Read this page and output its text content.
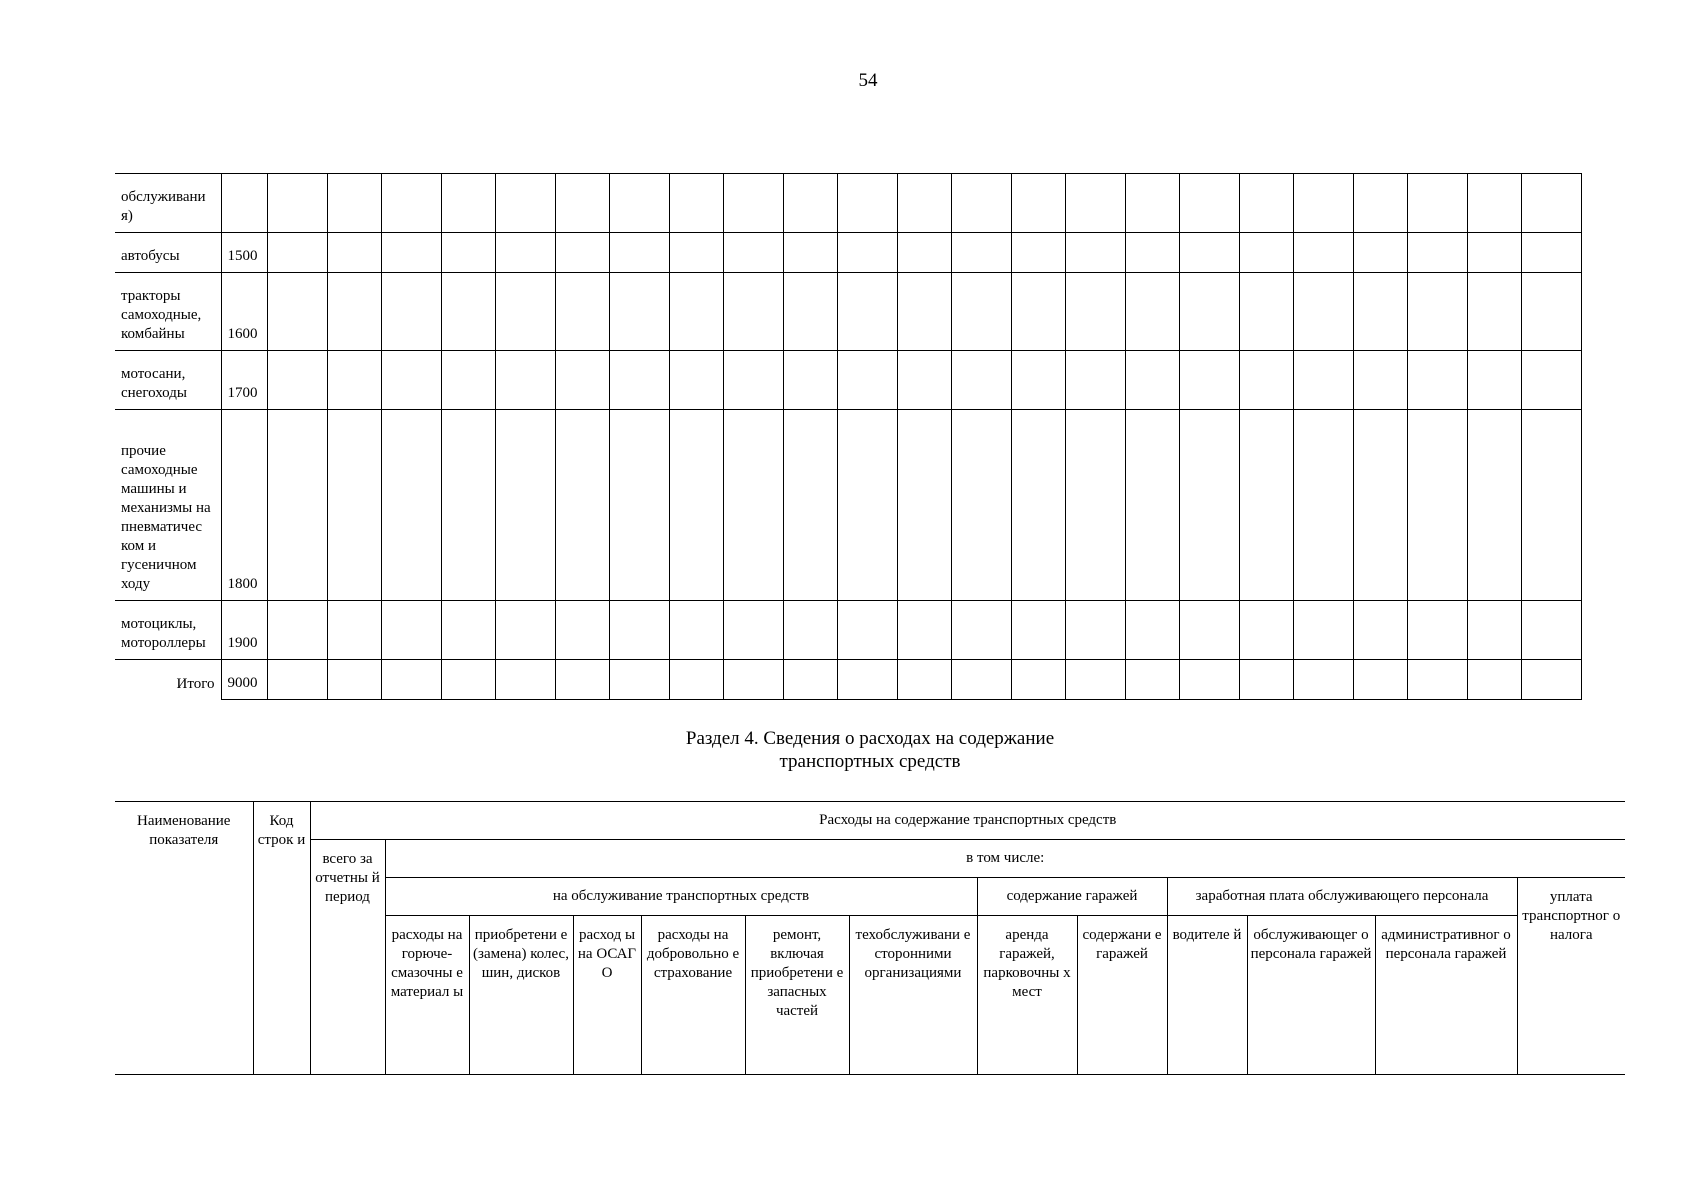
54
обслуживани я)																								
автобусы	1500																							
тракторы самоходные, комбайны	1600																							
мотосани, снегоходы	1700																							
прочие самоходные машины и механизмы на пневматичес ком и гусеничном ходу	1800																							
мотоциклы, мотороллеры	1900																							
Итого	9000																							
Раздел 4. Сведения о расходах на содержание
транспортных средств
Наименование показателя	Код строк и	Расходы на содержание транспортных средств												
		всего за отчетны й период	в том числе:											
			на обслуживание транспортных средств						содержание гаражей		заработная плата обслуживающего персонала			уплата транспортног о налога
			расходы на горюче-смазочны е материал ы	приобретени е (замена) колес, шин, дисков	расход ы на ОСАГ О	расходы на добровольно е страхование	ремонт, включая приобретени е запасных частей	техобслуживани е сторонними организациями	аренда гаражей, парковочны х мест	содержани е гаражей	водителе й	обслуживающег о персонала гаражей	административног о персонала гаражей	
